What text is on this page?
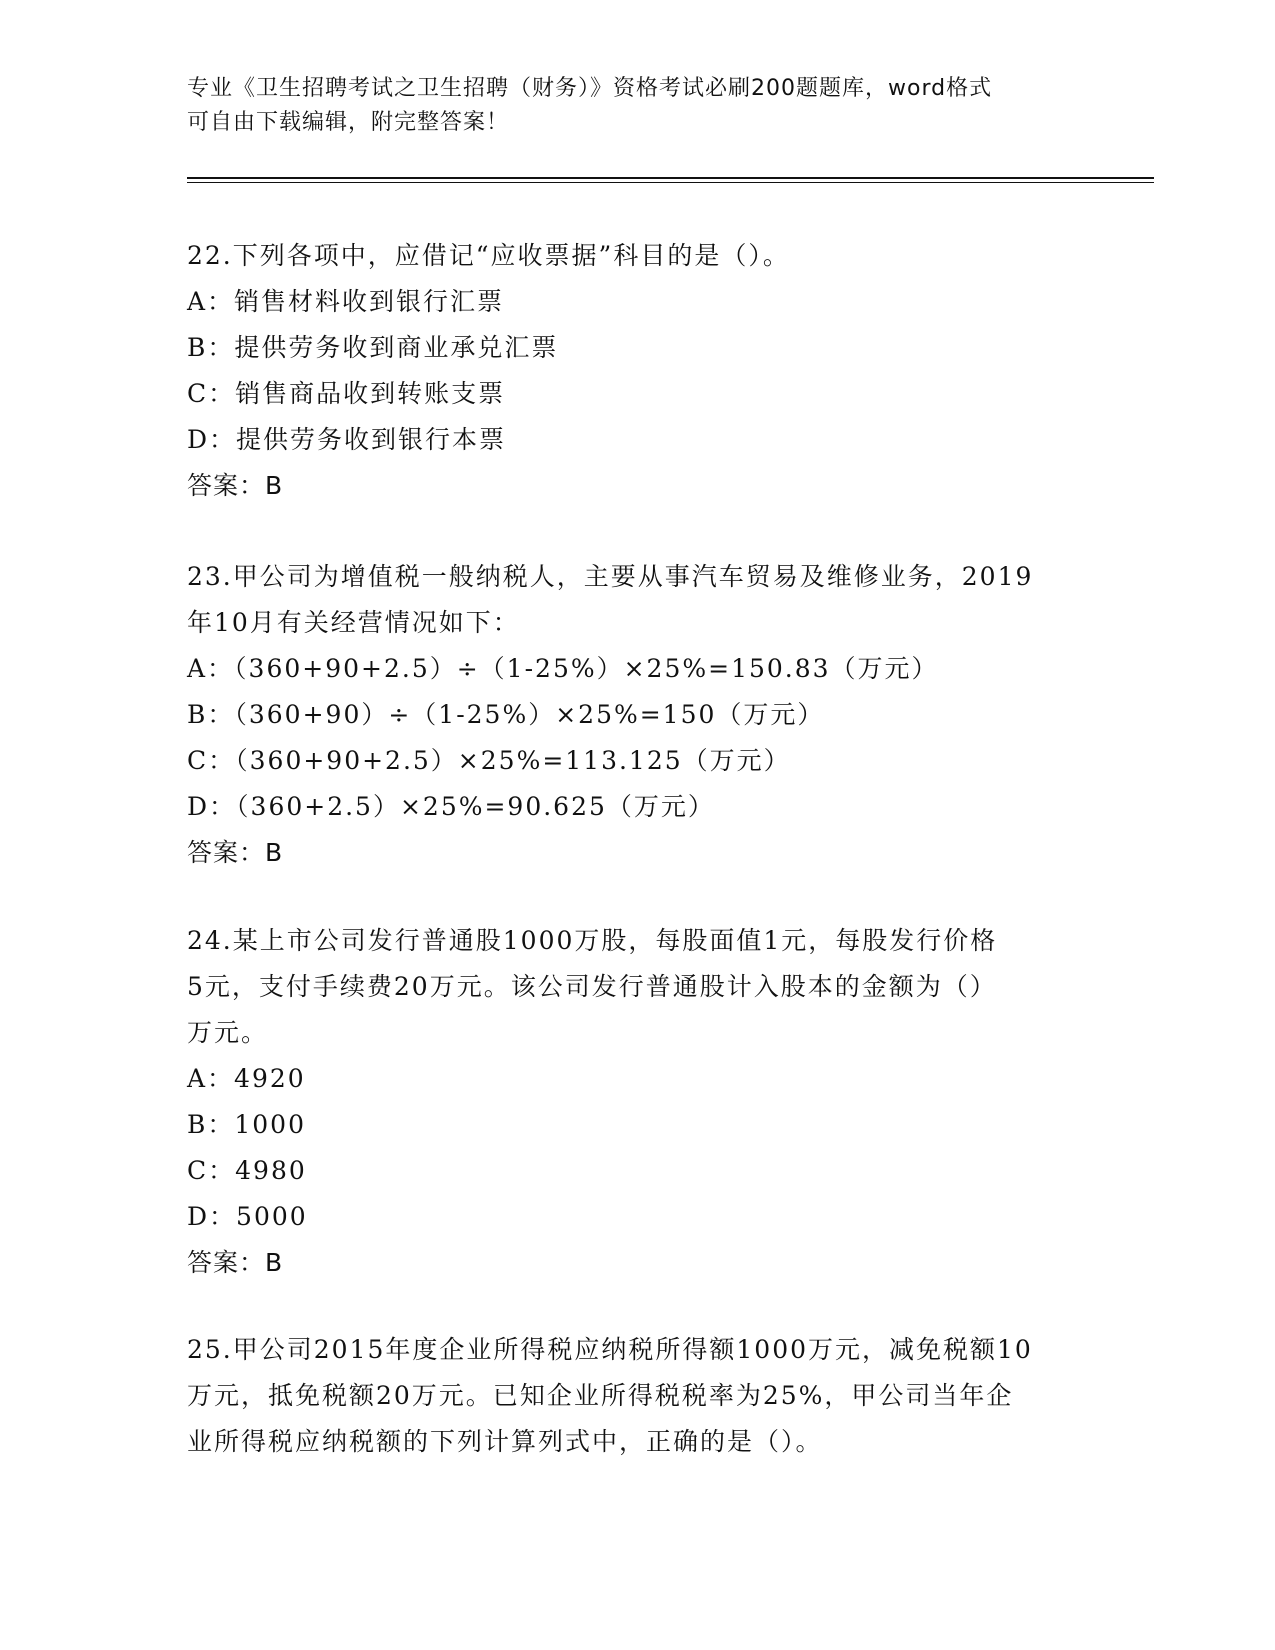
专业《卫生招聘考试之卫生招聘（财务）》资格考试必刷200题题库，word格式

可自由下载编辑，附完整答案！

22.下列各项中，应借记“应收票据”科目的是（）。

A：销售材料收到银行汇票

B：提供劳务收到商业承兑汇票

C：销售商品收到转账支票

D：提供劳务收到银行本票

答案：B

23.甲公司为增值税一般纳税人，主要从事汽车贸易及维修业务，2019

年10月有关经营情况如下：

A：（360+90+2.5）÷（1-25%）×25%=150.83（万元）

B：（360+90）÷（1-25%）×25%=150（万元）

C：（360+90+2.5）×25%=113.125（万元）

D：（360+2.5）×25%=90.625（万元）

答案：B

24.某上市公司发行普通股1000万股，每股面值1元，每股发行价格

5元，支付手续费20万元。该公司发行普通股计入股本的金额为（）

万元。

A：4920

B：1000

C：4980

D：5000

答案：B

25.甲公司2015年度企业所得税应纳税所得额1000万元，减免税额10

万元，抵免税额20万元。已知企业所得税税率为25%，甲公司当年企

业所得税应纳税额的下列计算列式中，正确的是（）。
